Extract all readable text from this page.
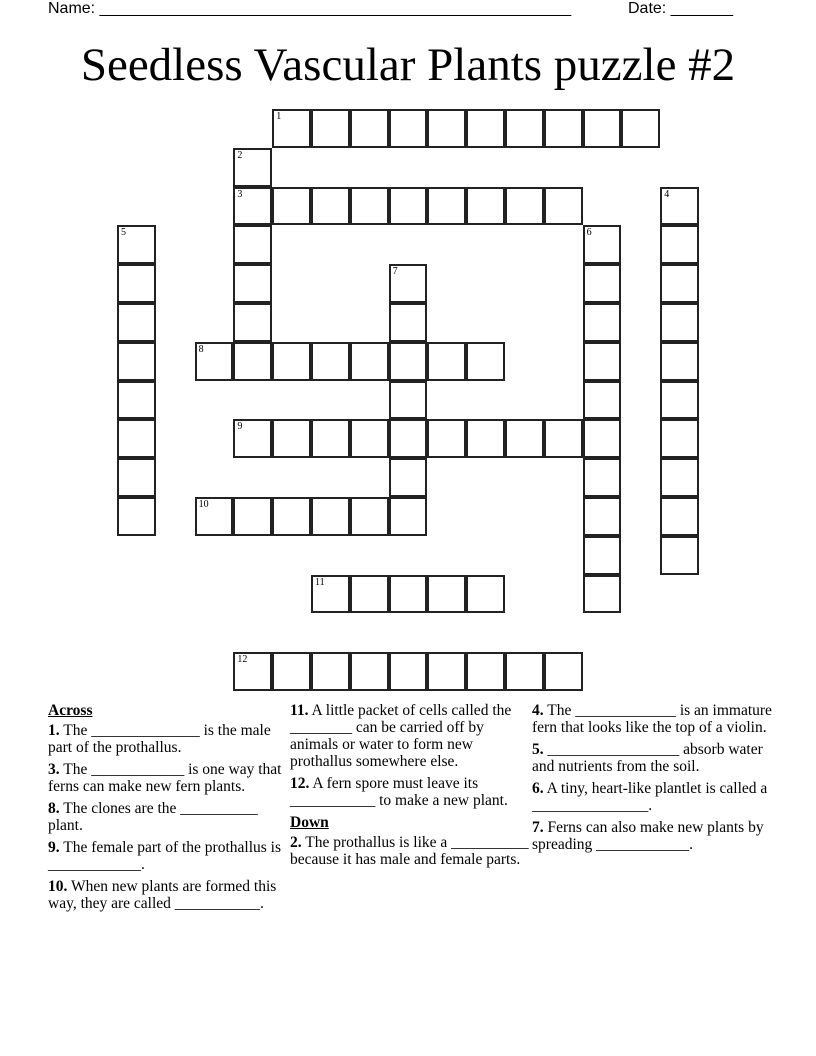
Name: _____________________________________________________	Date: _______
Seedless Vascular Plants puzzle #2
1
2
3	4
5	6
7
8
9
10
11
12
Across
1. The ______________ is the male part of the prothallus.
3. The ____________ is one way that ferns can make new fern plants.
8. The clones are the __________ plant.
9. The female part of the prothallus is ____________.
10. When new plants are formed this way, they are called ___________.
11. A little packet of cells called the ________ can be carried off by animals or water to form new prothallus somewhere else.
12. A fern spore must leave its ___________ to make a new plant.
Down
2. The prothallus is like a __________ because it has male and female parts.
4. The _____________ is an immature fern that looks like the top of a violin.
5. _________________ absorb water and nutrients from the soil.
6. A tiny, heart-like plantlet is called a _______________.
7. Ferns can also make new plants by spreading ____________.
